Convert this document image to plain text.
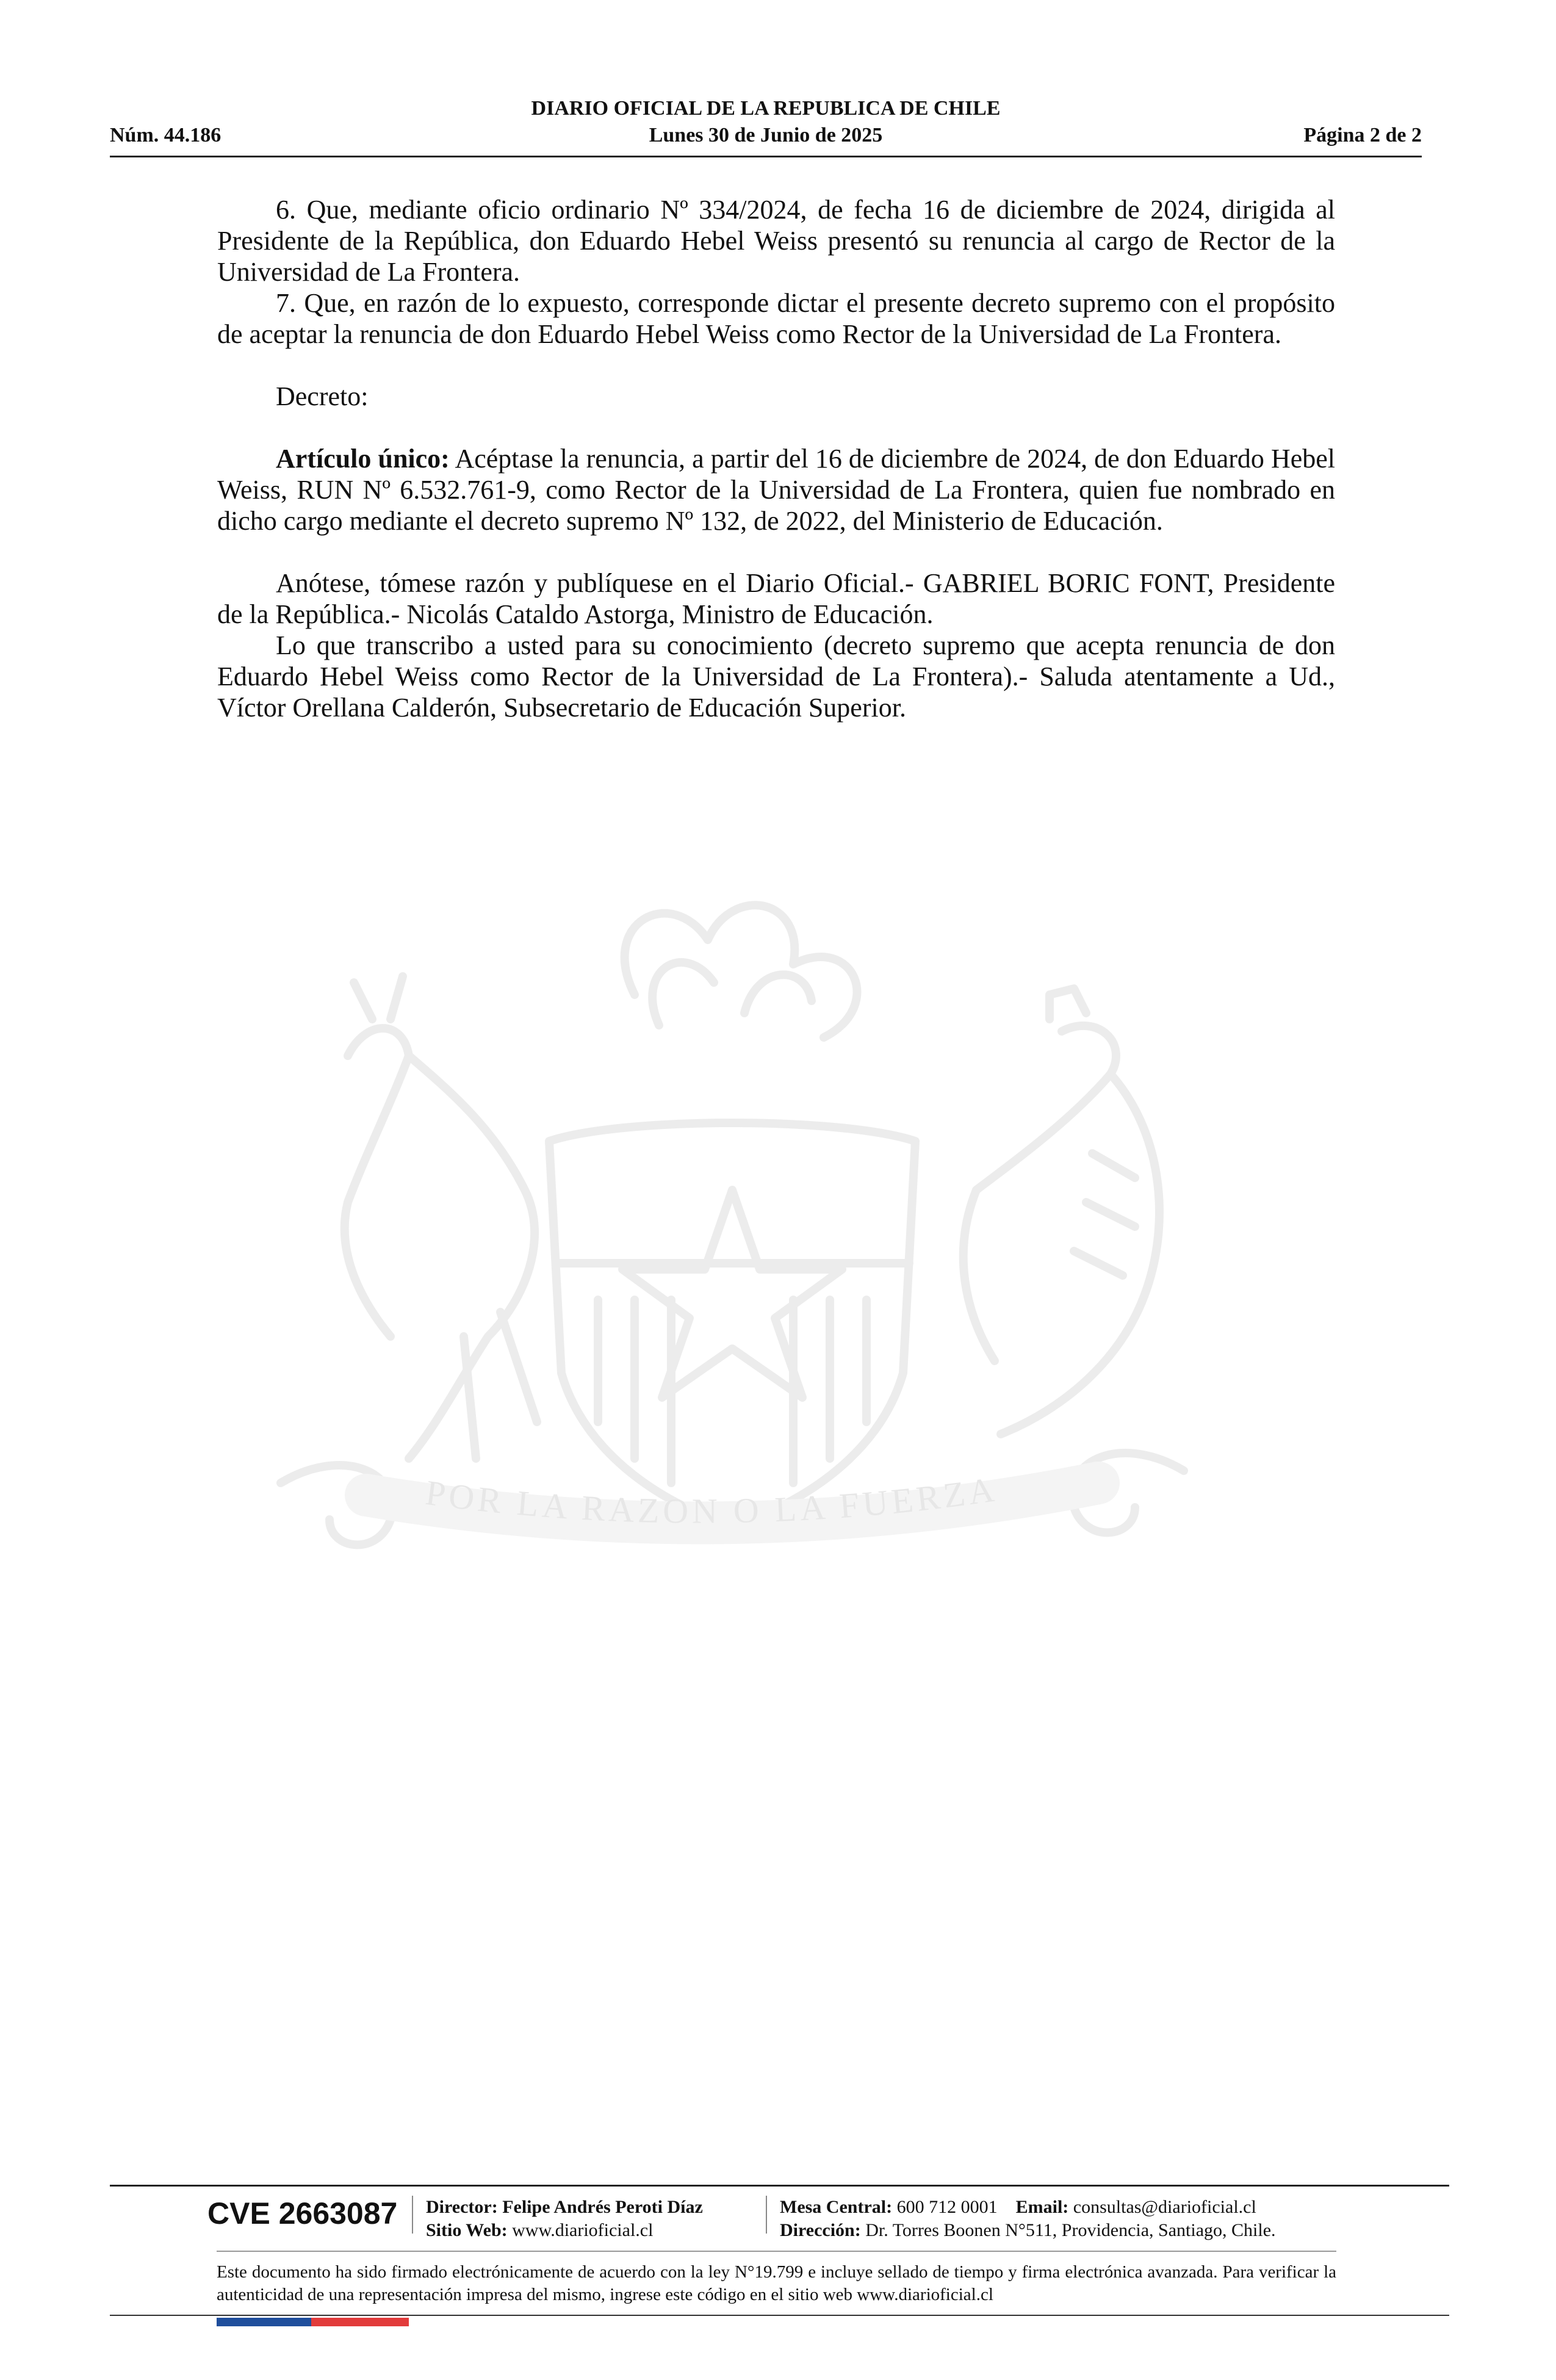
DIARIO OFICIAL DE LA REPUBLICA DE CHILE
Núm. 44.186	Lunes 30 de Junio de 2025	Página 2 de 2
POR LA RAZON O LA FUERZA

6. Que, mediante oficio ordinario Nº 334/2024, de fecha 16 de diciembre de 2024, dirigida al Presidente de la República, don Eduardo Hebel Weiss presentó su renuncia al cargo de Rector de la Universidad de La Frontera.

7. Que, en razón de lo expuesto, corresponde dictar el presente decreto supremo con el propósito de aceptar la renuncia de don Eduardo Hebel Weiss como Rector de la Universidad de La Frontera.

Decreto:

Artículo único: Acéptase la renuncia, a partir del 16 de diciembre de 2024, de don Eduardo Hebel Weiss, RUN Nº 6.532.761-9, como Rector de la Universidad de La Frontera, quien fue nombrado en dicho cargo mediante el decreto supremo Nº 132, de 2022, del Ministerio de Educación.

Anótese, tómese razón y publíquese en el Diario Oficial.- GABRIEL BORIC FONT, Presidente de la República.- Nicolás Cataldo Astorga, Ministro de Educación.

Lo que transcribo a usted para su conocimiento (decreto supremo que acepta renuncia de don Eduardo Hebel Weiss como Rector de la Universidad de La Frontera).- Saluda atentamente a Ud., Víctor Orellana Calderón, Subsecretario de Educación Superior.

CVE 2663087 Director: Felipe Andrés Peroti Díaz
Sitio Web: www.diarioficial.cl
Mesa Central: 600 712 0001 Email: consultas@diarioficial.cl
Dirección: Dr. Torres Boonen N°511, Providencia, Santiago, Chile.
Este documento ha sido firmado electrónicamente de acuerdo con la ley N°19.799 e incluye sellado de tiempo y firma electrónica avanzada. Para verificar la autenticidad de una representación impresa del mismo, ingrese este código en el sitio web www.diarioficial.cl
